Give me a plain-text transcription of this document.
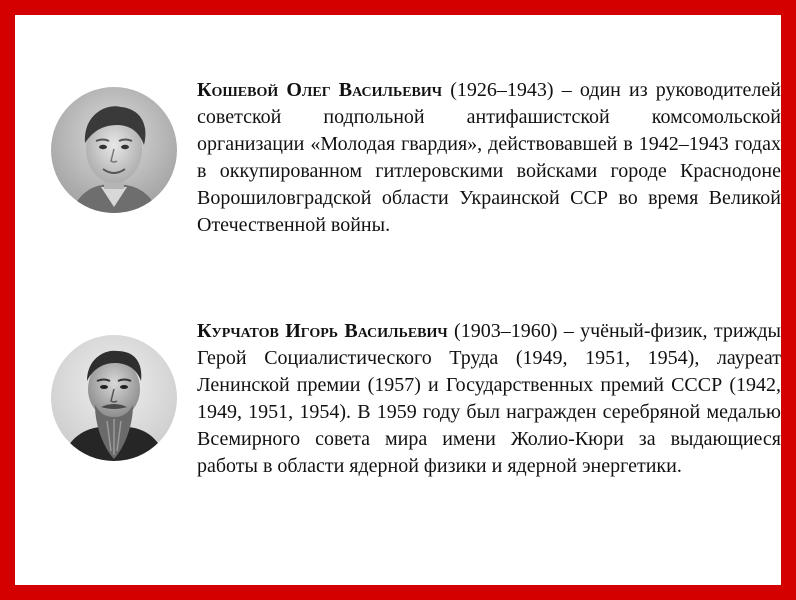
Кошевой Олег Васильевич (1926–1943) – один из руководителей советской подпольной антифашистской комсомольской организации «Молодая гвардия», действовавшей в 1942–1943 годах в оккупированном гитлеровскими войсками городе Краснодоне Ворошиловградской области Украинской ССР во время Великой Отечественной войны.
Курчатов Игорь Васильевич (1903–1960) – учёный-физик, трижды Герой Социалистического Труда (1949, 1951, 1954), лауреат Ленинской премии (1957) и Государственных премий СССР (1942, 1949, 1951, 1954). В 1959 году был награжден серебряной медалью Всемирного совета мира имени Жолио-Кюри за выдающиеся работы в области ядерной физики и ядерной энергетики.
